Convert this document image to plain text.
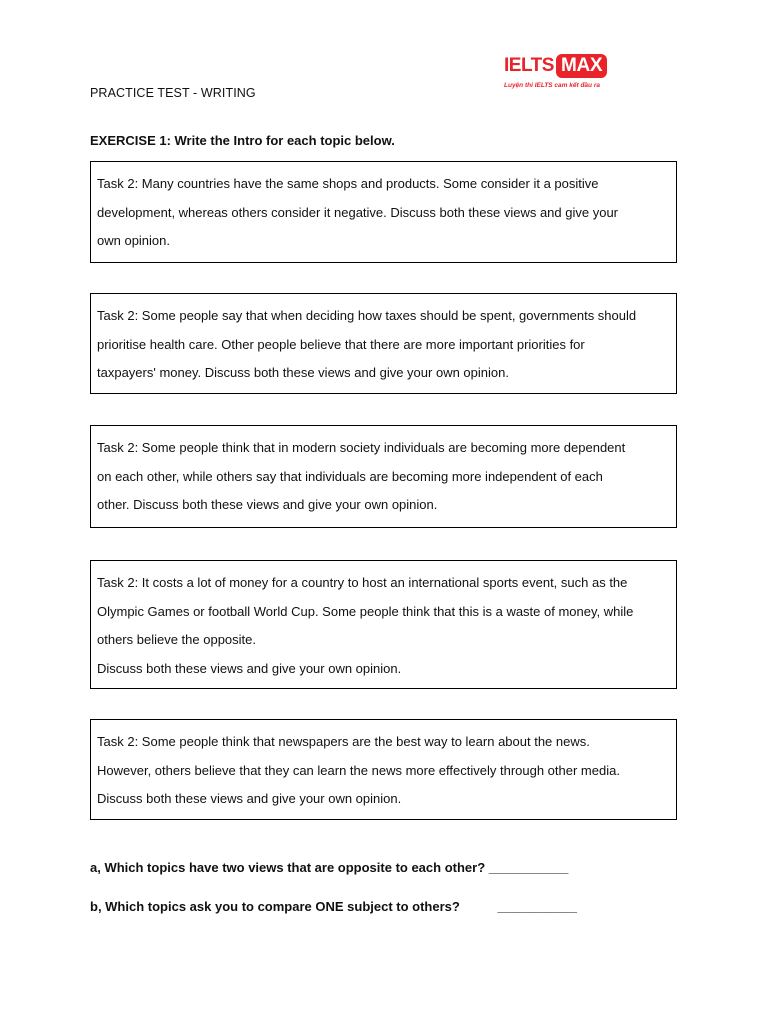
PRACTICE TEST - WRITING
IELTS MAX
Luyện thi IELTS cam kết đầu ra
EXERCISE 1: Write the Intro for each topic below.
Task 2: Many countries have the same shops and products. Some consider it a positive
development, whereas others consider it negative. Discuss both these views and give your
own opinion.
Task 2: Some people say that when deciding how taxes should be spent, governments should
prioritise health care. Other people believe that there are more important priorities for
taxpayers' money. Discuss both these views and give your own opinion.
Task 2: Some people think that in modern society individuals are becoming more dependent
on each other, while others say that individuals are becoming more independent of each
other. Discuss both these views and give your own opinion.
Task 2: It costs a lot of money for a country to host an international sports event, such as the
Olympic Games or football World Cup. Some people think that this is a waste of money, while
others believe the opposite.
Discuss both these views and give your own opinion.
Task 2: Some people think that newspapers are the best way to learn about the news.
However, others believe that they can learn the news more effectively through other media.
Discuss both these views and give your own opinion.
a, Which topics have two views that are opposite to each other? ___________
b, Which topics ask you to compare ONE subject to others?	___________
